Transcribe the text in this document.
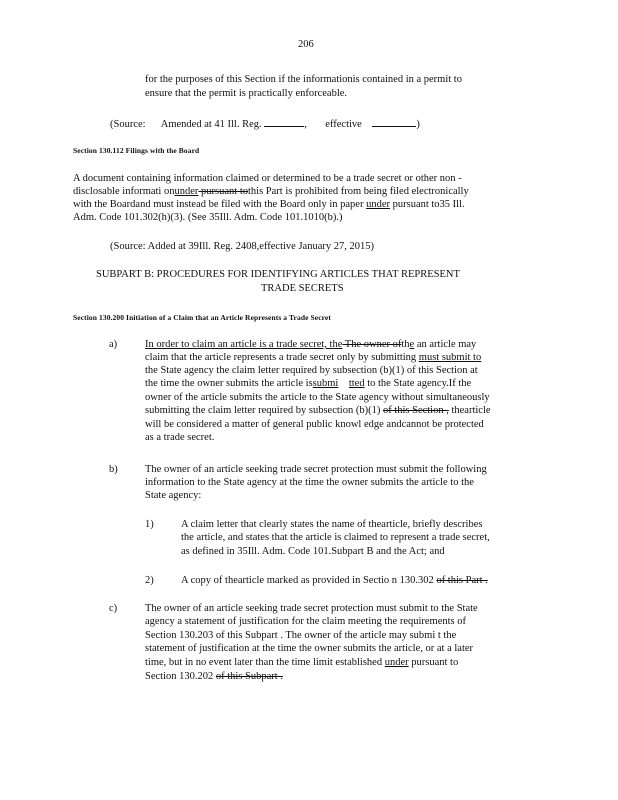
206
for the purposes of this Section if the informationis contained in a permit to
ensure that the permit is practically enforceable.
(Source: Amended at 41 Ill. Reg.	, effective	)
Section 130.112 Filings with the Board
A document containing information claimed or determined to be a trade secret or other non -
disclosable informati onunder pursuant tothis Part is prohibited from being filed electronically
with the Boardand must instead be filed with the Board only in paper under pursuant to35 Ill.
Adm. Code 101.302(h)(3). (See 35Ill. Adm. Code 101.1010(b).)
(Source: Added at 39Ill. Reg. 2408,effective January 27, 2015)
SUBPART B: PROCEDURES FOR IDENTIFYING ARTICLES THAT REPRESENT
TRADE SECRETS
Section 130.200 Initiation of a Claim that an Article Represents a Trade Secret
a)	In order to claim an article is a trade secret, the The owner ofthe an article may
claim that the article represents a trade secret only by submitting must submit to
the State agency the claim letter required by subsection (b)(1) of this Section at
the time the owner submits the article issubmi tted to the State agency.If the
owner of the article submits the article to the State agency without simultaneously
submitting the claim letter required by subsection (b)(1) of this Section , thearticle
will be considered a matter of general public knowl edge andcannot be protected
as a trade secret.
b)	The owner of an article seeking trade secret protection must submit the following
information to the State agency at the time the owner submits the article to the
State agency:
1)	A claim letter that clearly states the name of thearticle, briefly describes
the article, and states that the article is claimed to represent a trade secret,
as defined in 35Ill. Adm. Code 101.Subpart B and the Act; and
2)	A copy of thearticle marked as provided in Sectio n 130.302 of this Part .
c)	The owner of an article seeking trade secret protection must submit to the State
agency a statement of justification for the claim meeting the requirements of
Section 130.203 of this Subpart . The owner of the article may submi t the
statement of justification at the time the owner submits the article, or at a later
time, but in no event later than the time limit established under pursuant to
Section 130.202 of this Subpart .
